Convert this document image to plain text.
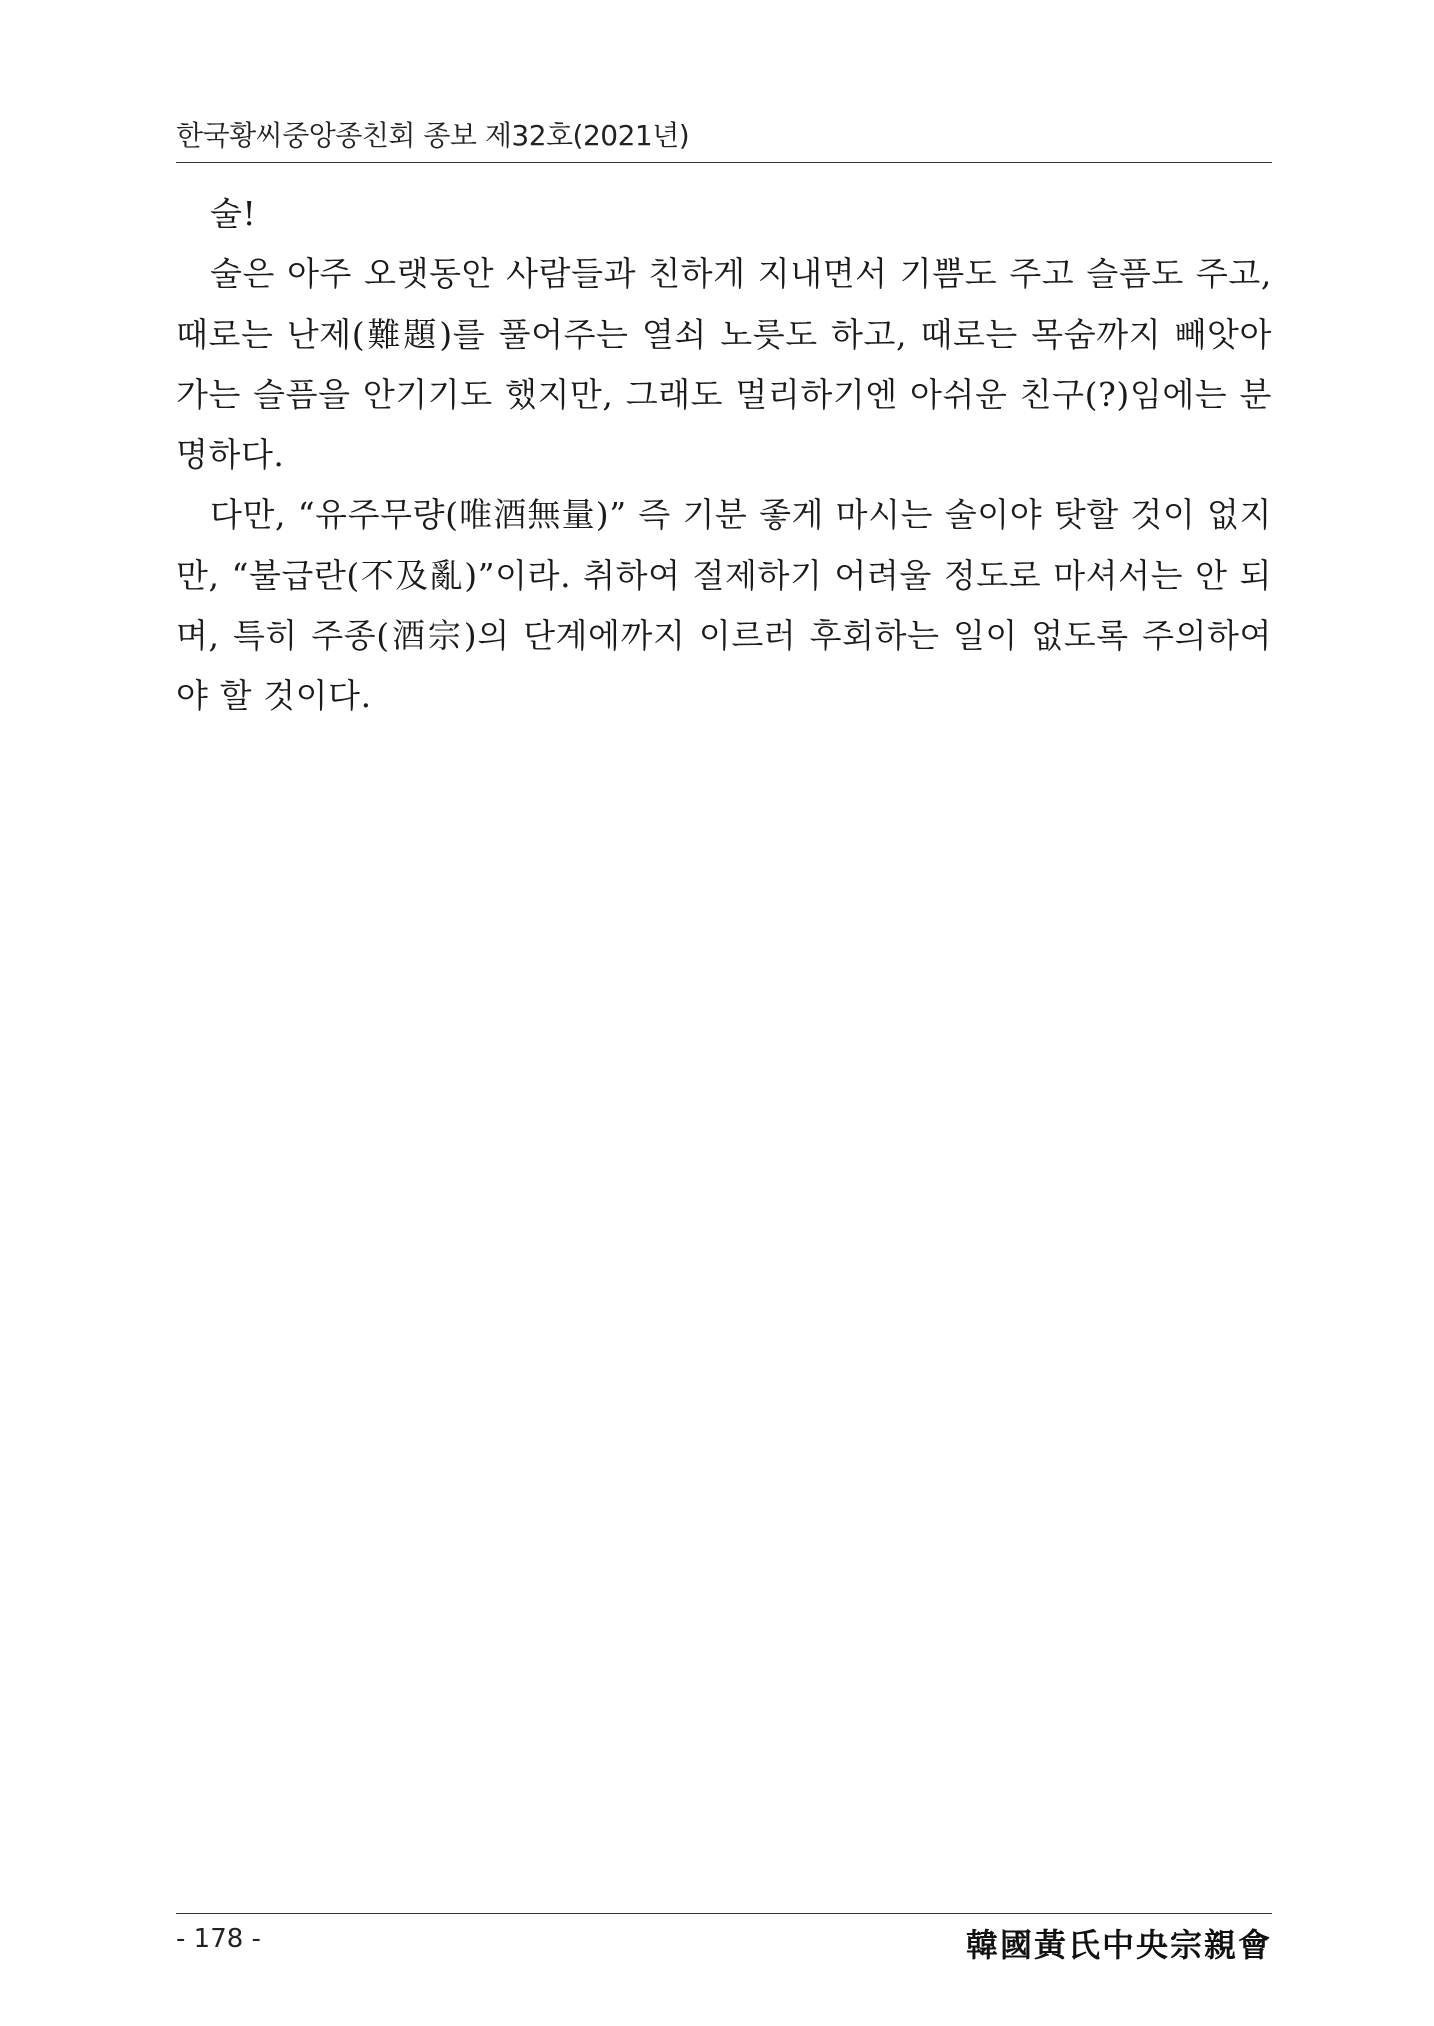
한국황씨중앙종친회 종보 제32호(2021년)

술!

술은 아주 오랫동안 사람들과 친하게 지내면서 기쁨도 주고 슬픔도 주고, 때로는 난제(難題)를 풀어주는 열쇠 노릇도 하고, 때로는 목숨까지 빼앗아 가는 슬픔을 안기기도 했지만, 그래도 멀리하기엔 아쉬운 친구(?)임에는 분명하다.

다만, “유주무량(唯酒無量)” 즉 기분 좋게 마시는 술이야 탓할 것이 없지만, “불급란(不及亂)”이라. 취하여 절제하기 어려울 정도로 마셔서는 안 되며, 특히 주종(酒宗)의 단계에까지 이르러 후회하는 일이 없도록 주의하여야 할 것이다.

- 178 -	韓國黃氏中央宗親會
